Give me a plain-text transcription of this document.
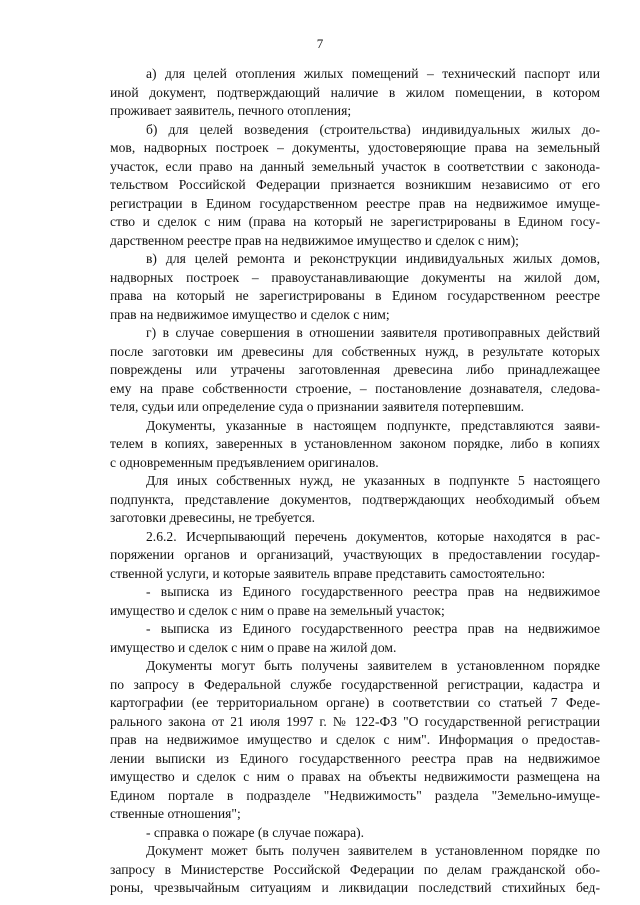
7
а) для целей отопления жилых помещений – технический паспорт или
иной документ, подтверждающий наличие в жилом помещении, в котором
проживает заявитель, печного отопления;
б) для целей возведения (строительства) индивидуальных жилых до-
мов, надворных построек – документы, удостоверяющие права на земельный
участок, если право на данный земельный участок в соответствии с законода-
тельством Российской Федерации признается возникшим независимо от его
регистрации в Едином государственном реестре прав на недвижимое имуще-
ство и сделок с ним (права на который не зарегистрированы в Едином госу-
дарственном реестре прав на недвижимое имущество и сделок с ним);
в) для целей ремонта и реконструкции индивидуальных жилых домов,
надворных построек – правоустанавливающие документы на жилой дом,
права на который не зарегистрированы в Едином государственном реестре
прав на недвижимое имущество и сделок с ним;
г) в случае совершения в отношении заявителя противоправных действий
после заготовки им древесины для собственных нужд, в результате которых
повреждены или утрачены заготовленная древесина либо принадлежащее
ему на праве собственности строение, – постановление дознавателя, следова-
теля, судьи или определение суда о признании заявителя потерпевшим.
Документы, указанные в настоящем подпункте, представляются заяви-
телем в копиях, заверенных в установленном законом порядке, либо в копиях
с одновременным предъявлением оригиналов.
Для иных собственных нужд, не указанных в подпункте 5 настоящего
подпункта, представление документов, подтверждающих необходимый объем
заготовки древесины, не требуется.
2.6.2. Исчерпывающий перечень документов, которые находятся в рас-
поряжении органов и организаций, участвующих в предоставлении государ-
ственной услуги, и которые заявитель вправе представить самостоятельно:
- выписка из Единого государственного реестра прав на недвижимое
имущество и сделок с ним о праве на земельный участок;
- выписка из Единого государственного реестра прав на недвижимое
имущество и сделок с ним о праве на жилой дом.
Документы могут быть получены заявителем в установленном порядке
по запросу в Федеральной службе государственной регистрации, кадастра и
картографии (ее территориальном органе) в соответствии со статьей 7 Феде-
рального закона от 21 июля 1997 г. № 122-ФЗ "О государственной регистрации
прав на недвижимое имущество и сделок с ним". Информация о предостав-
лении выписки из Единого государственного реестра прав на недвижимое
имущество и сделок с ним о правах на объекты недвижимости размещена на
Едином портале в подразделе "Недвижимость" раздела "Земельно-имуще-
ственные отношения";
- справка о пожаре (в случае пожара).
Документ может быть получен заявителем в установленном порядке по
запросу в Министерстве Российской Федерации по делам гражданской обо-
роны, чрезвычайным ситуациям и ликвидации последствий стихийных бед-
